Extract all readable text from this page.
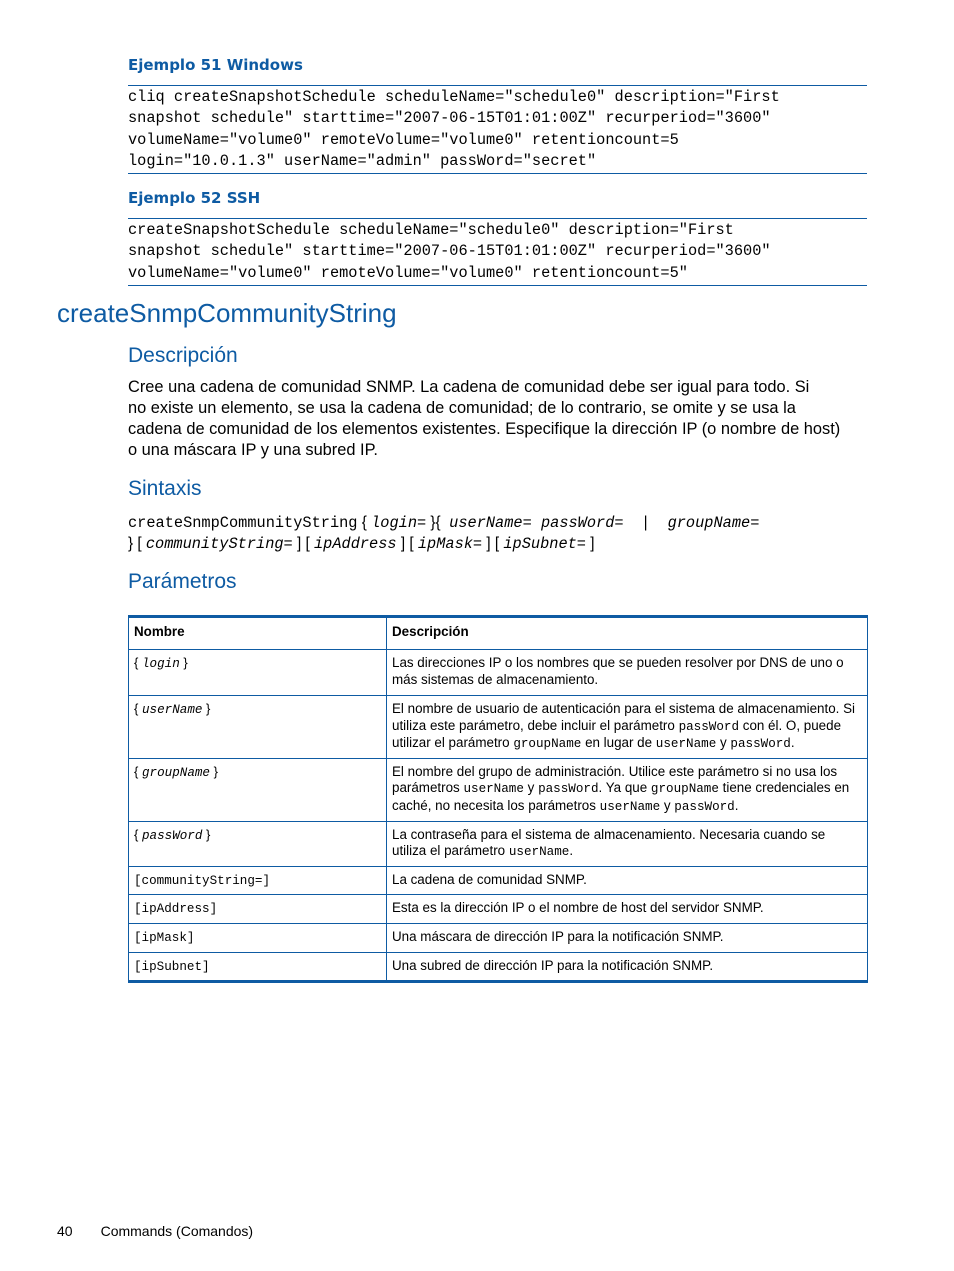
Ejemplo 51 Windows
cliq createSnapshotSchedule scheduleName="schedule0" description="First
snapshot schedule" starttime="2007-06-15T01:01:00Z" recurperiod="3600"
volumeName="volume0" remoteVolume="volume0" retentioncount=5
login="10.0.1.3" userName="admin" passWord="secret"
Ejemplo 52 SSH
createSnapshotSchedule scheduleName="schedule0" description="First
snapshot schedule" starttime="2007-06-15T01:01:00Z" recurperiod="3600"
volumeName="volume0" remoteVolume="volume0" retentioncount=5"
createSnmpCommunityString
Descripción
Cree una cadena de comunidad SNMP. La cadena de comunidad debe ser igual para todo. Si
no existe un elemento, se usa la cadena de comunidad; de lo contrario, se omite y se usa la
cadena de comunidad de los elementos existentes. Especifique la dirección IP (o nombre de host)
o una máscara IP y una subred IP.
Sintaxis
createSnmpCommunityString { login= }{  userName= passWord= | groupName=
} [ communityString= ] [ ipAddress ] [ ipMask= ] [ ipSubnet= ]
Parámetros
Nombre	Descripción
{ login }	Las direcciones IP o los nombres que se pueden resolver por DNS de uno o más sistemas de almacenamiento.
{ userName }	El nombre de usuario de autenticación para el sistema de almacenamiento. Si utiliza este parámetro, debe incluir el parámetro passWord con él. O, puede utilizar el parámetro groupName en lugar de userName y passWord.
{ groupName }	El nombre del grupo de administración. Utilice este parámetro si no usa los parámetros userName y passWord. Ya que groupName tiene credenciales en caché, no necesita los parámetros userName y passWord.
{ passWord }	La contraseña para el sistema de almacenamiento. Necesaria cuando se utiliza el parámetro userName.
[communityString=]	La cadena de comunidad SNMP.
[ipAddress]	Esta es la dirección IP o el nombre de host del servidor SNMP.
[ipMask]	Una máscara de dirección IP para la notificación SNMP.
[ipSubnet]	Una subred de dirección IP para la notificación SNMP.
40 Commands (Comandos)
